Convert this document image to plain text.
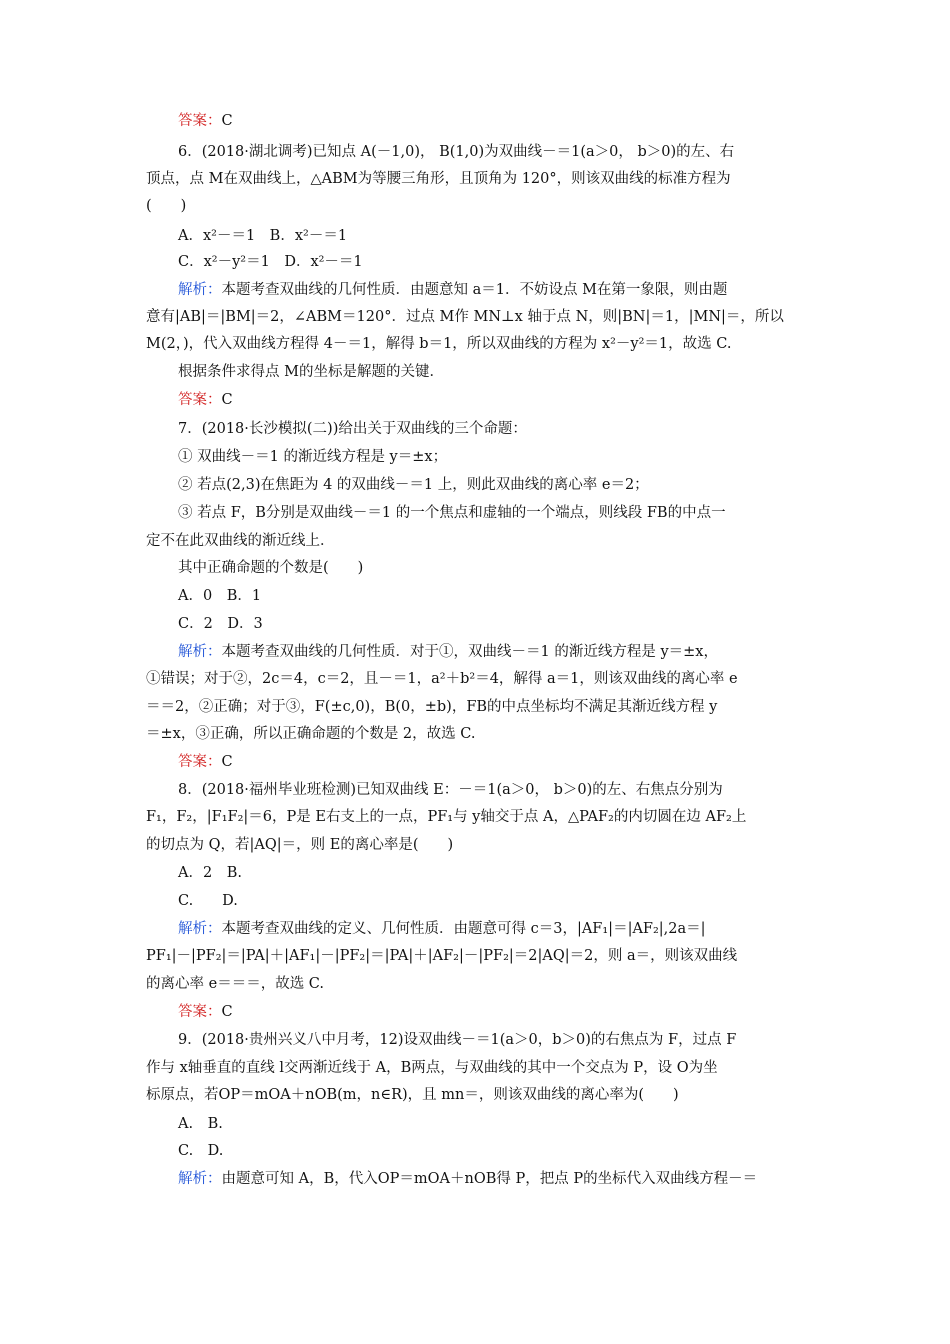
答案：C
6．(2018·湖北调考)已知点 A(－1,0)， B(1,0)为双曲线－＝1(a＞0， b＞0)的左、右
顶点，点 M在双曲线上，△ABM为等腰三角形，且顶角为 120°，则该双曲线的标准方程为
(　　)
A．x²－＝1　B．x²－＝1
C．x²－y²＝1　D．x²－＝1
解析：本题考查双曲线的几何性质．由题意知 a＝1．不妨设点 M在第一象限，则由题
意有|AB|＝|BM|＝2，∠ABM＝120°．过点 M作 MN⊥x 轴于点 N，则|BN|＝1，|MN|＝，所以
M(2，)，代入双曲线方程得 4－＝1，解得 b＝1，所以双曲线的方程为 x²－y²＝1，故选 C.
根据条件求得点 M的坐标是解题的关键．
答案：C
7．(2018·长沙模拟(二))给出关于双曲线的三个命题：
① 双曲线－＝1 的渐近线方程是 y＝±x；
② 若点(2,3)在焦距为 4 的双曲线－＝1 上，则此双曲线的离心率 e＝2；
③ 若点 F，B分别是双曲线－＝1 的一个焦点和虚轴的一个端点，则线段 FB的中点一
定不在此双曲线的渐近线上．
其中正确命题的个数是(　　)
A．0　B．1
C．2　D．3
解析：本题考查双曲线的几何性质．对于①，双曲线－＝1 的渐近线方程是 y＝±x，
①错误；对于②，2c＝4，c＝2，且－＝1，a²＋b²＝4，解得 a＝1，则该双曲线的离心率 e
＝＝2，②正确；对于③，F(±c,0)，B(0，±b)，FB的中点坐标均不满足其渐近线方程 y
＝±x，③正确，所以正确命题的个数是 2，故选 C.
答案：C
8．(2018·福州毕业班检测)已知双曲线 E：－＝1(a＞0， b＞0)的左、右焦点分别为
F₁，F₂，|F₁F₂|＝6，P是 E右支上的一点，PF₁与 y轴交于点 A，△PAF₂的内切圆在边 AF₂上
的切点为 Q，若|AQ|＝，则 E的离心率是(　　)
A．2　B.
C.　　D.
解析：本题考查双曲线的定义、几何性质．由题意可得 c＝3，|AF₁|＝|AF₂|,2a＝|
PF₁|－|PF₂|＝|PA|＋|AF₁|－|PF₂|＝|PA|＋|AF₂|－|PF₂|＝2|AQ|＝2，则 a＝，则该双曲线
的离心率 e＝＝＝，故选 C.
答案：C
9．(2018·贵州兴义八中月考，12)设双曲线－＝1(a＞0，b＞0)的右焦点为 F，过点 F
作与 x轴垂直的直线 l交两渐近线于 A，B两点，与双曲线的其中一个交点为 P，设 O为坐
标原点，若OP＝mOA＋nOB(m，n∈R)，且 mn＝，则该双曲线的离心率为(　　)
A.　B.
C.　D.
解析：由题意可知 A，B，代入OP＝mOA＋nOB得 P，把点 P的坐标代入双曲线方程－＝
